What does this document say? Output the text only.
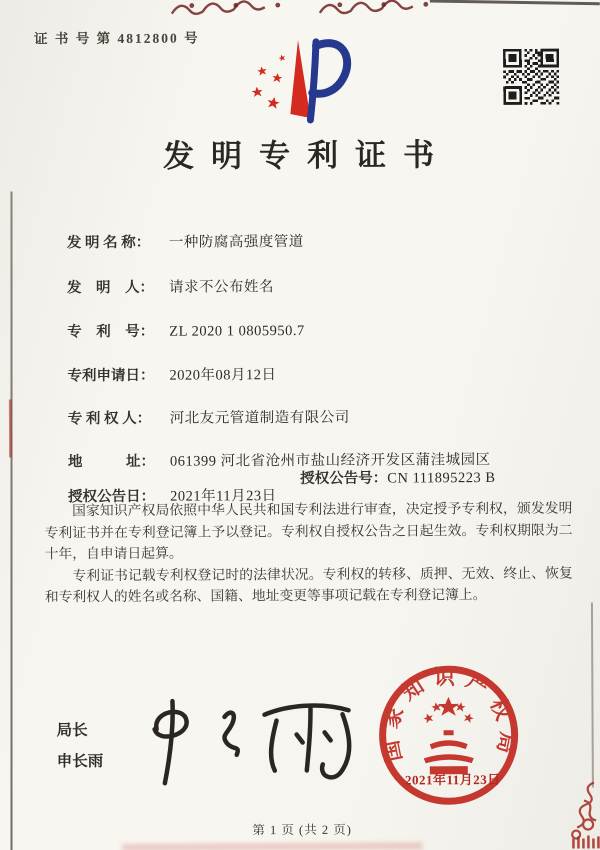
证 书 号 第 4812800 号
发明专利证书

发 明 名 称： 一种防腐高强度管道

发　明　人： 请求不公布姓名

专　利　号： ZL 2020 1 0805950.7

专利申请日： 2020年08月12日

专 利 权 人： 河北友元管道制造有限公司

地　　　址： 061399 河北省沧州市盐山经济开发区蒲洼城园区

授权公告日： 2021年11月23日

授权公告号：CN 111895223 B

国家知识产权局依照中华人民共和国专利法进行审查，决定授予专利权，颁发发明专利证书并在专利登记簿上予以登记。专利权自授权公告之日起生效。专利权期限为二十年，自申请日起算。

专利证书记载专利权登记时的法律状况。专利权的转移、质押、无效、终止、恢复和专利权人的姓名或名称、国籍、地址变更等事项记载在专利登记簿上。

局长
申长雨	国家知识产权局
2021年11月23日
第 1 页 (共 2 页)
